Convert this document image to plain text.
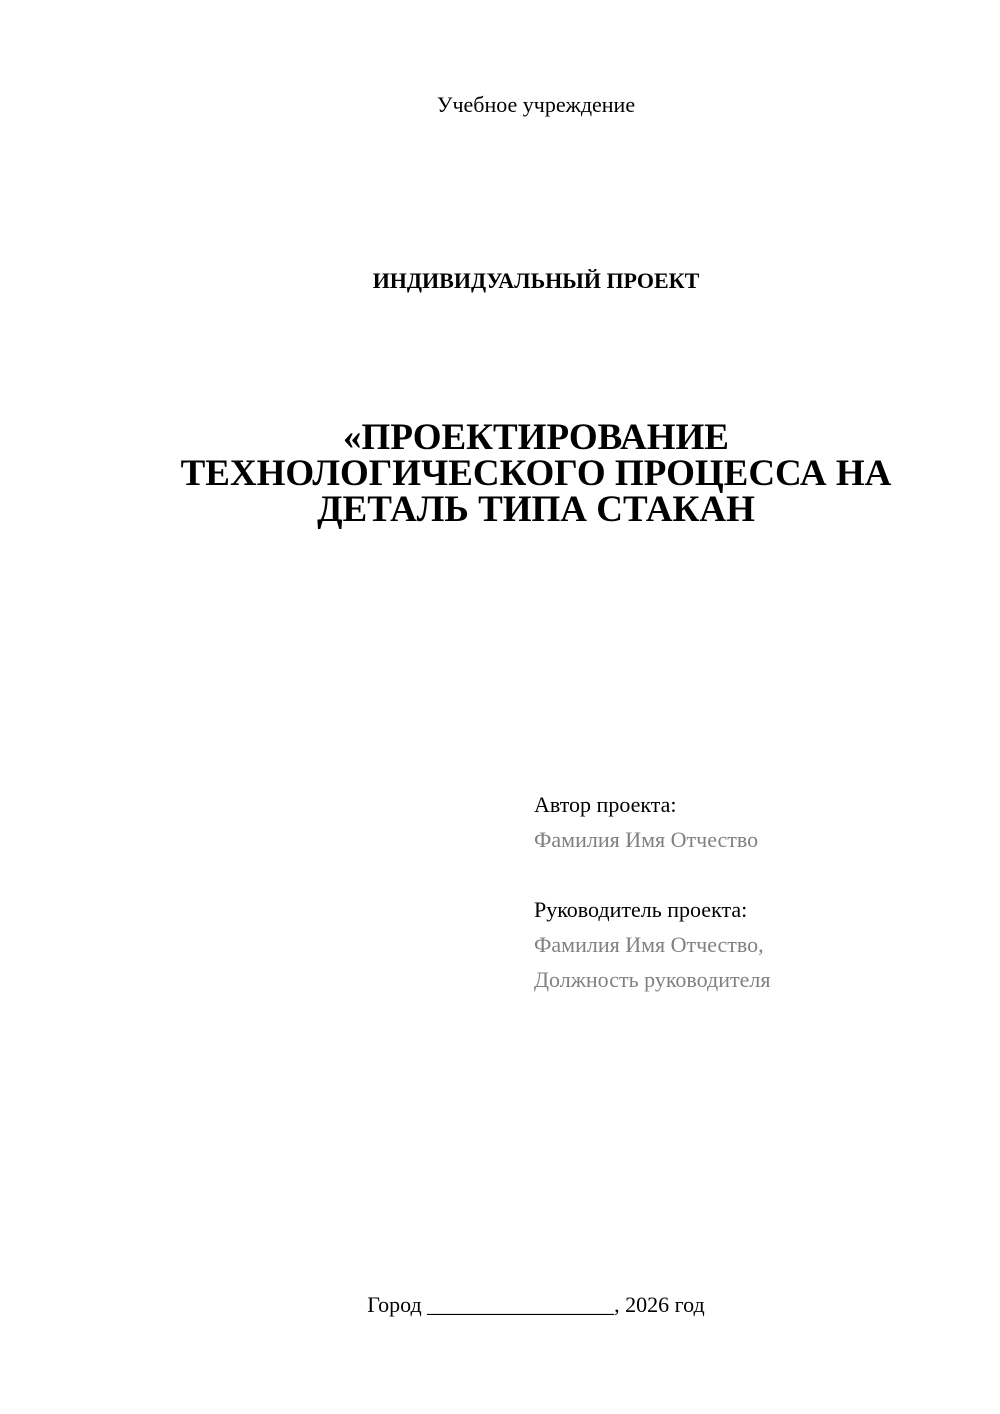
Учебное учреждение
ИНДИВИДУАЛЬНЫЙ ПРОЕКТ
«ПРОЕКТИРОВАНИЕ
ТЕХНОЛОГИЧЕСКОГО ПРОЦЕССА НА
ДЕТАЛЬ ТИПА СТАКАН
Автор проекта:
Фамилия Имя Отчество
Руководитель проекта:
Фамилия Имя Отчество,
Должность руководителя
Город _________________, 2026 год
